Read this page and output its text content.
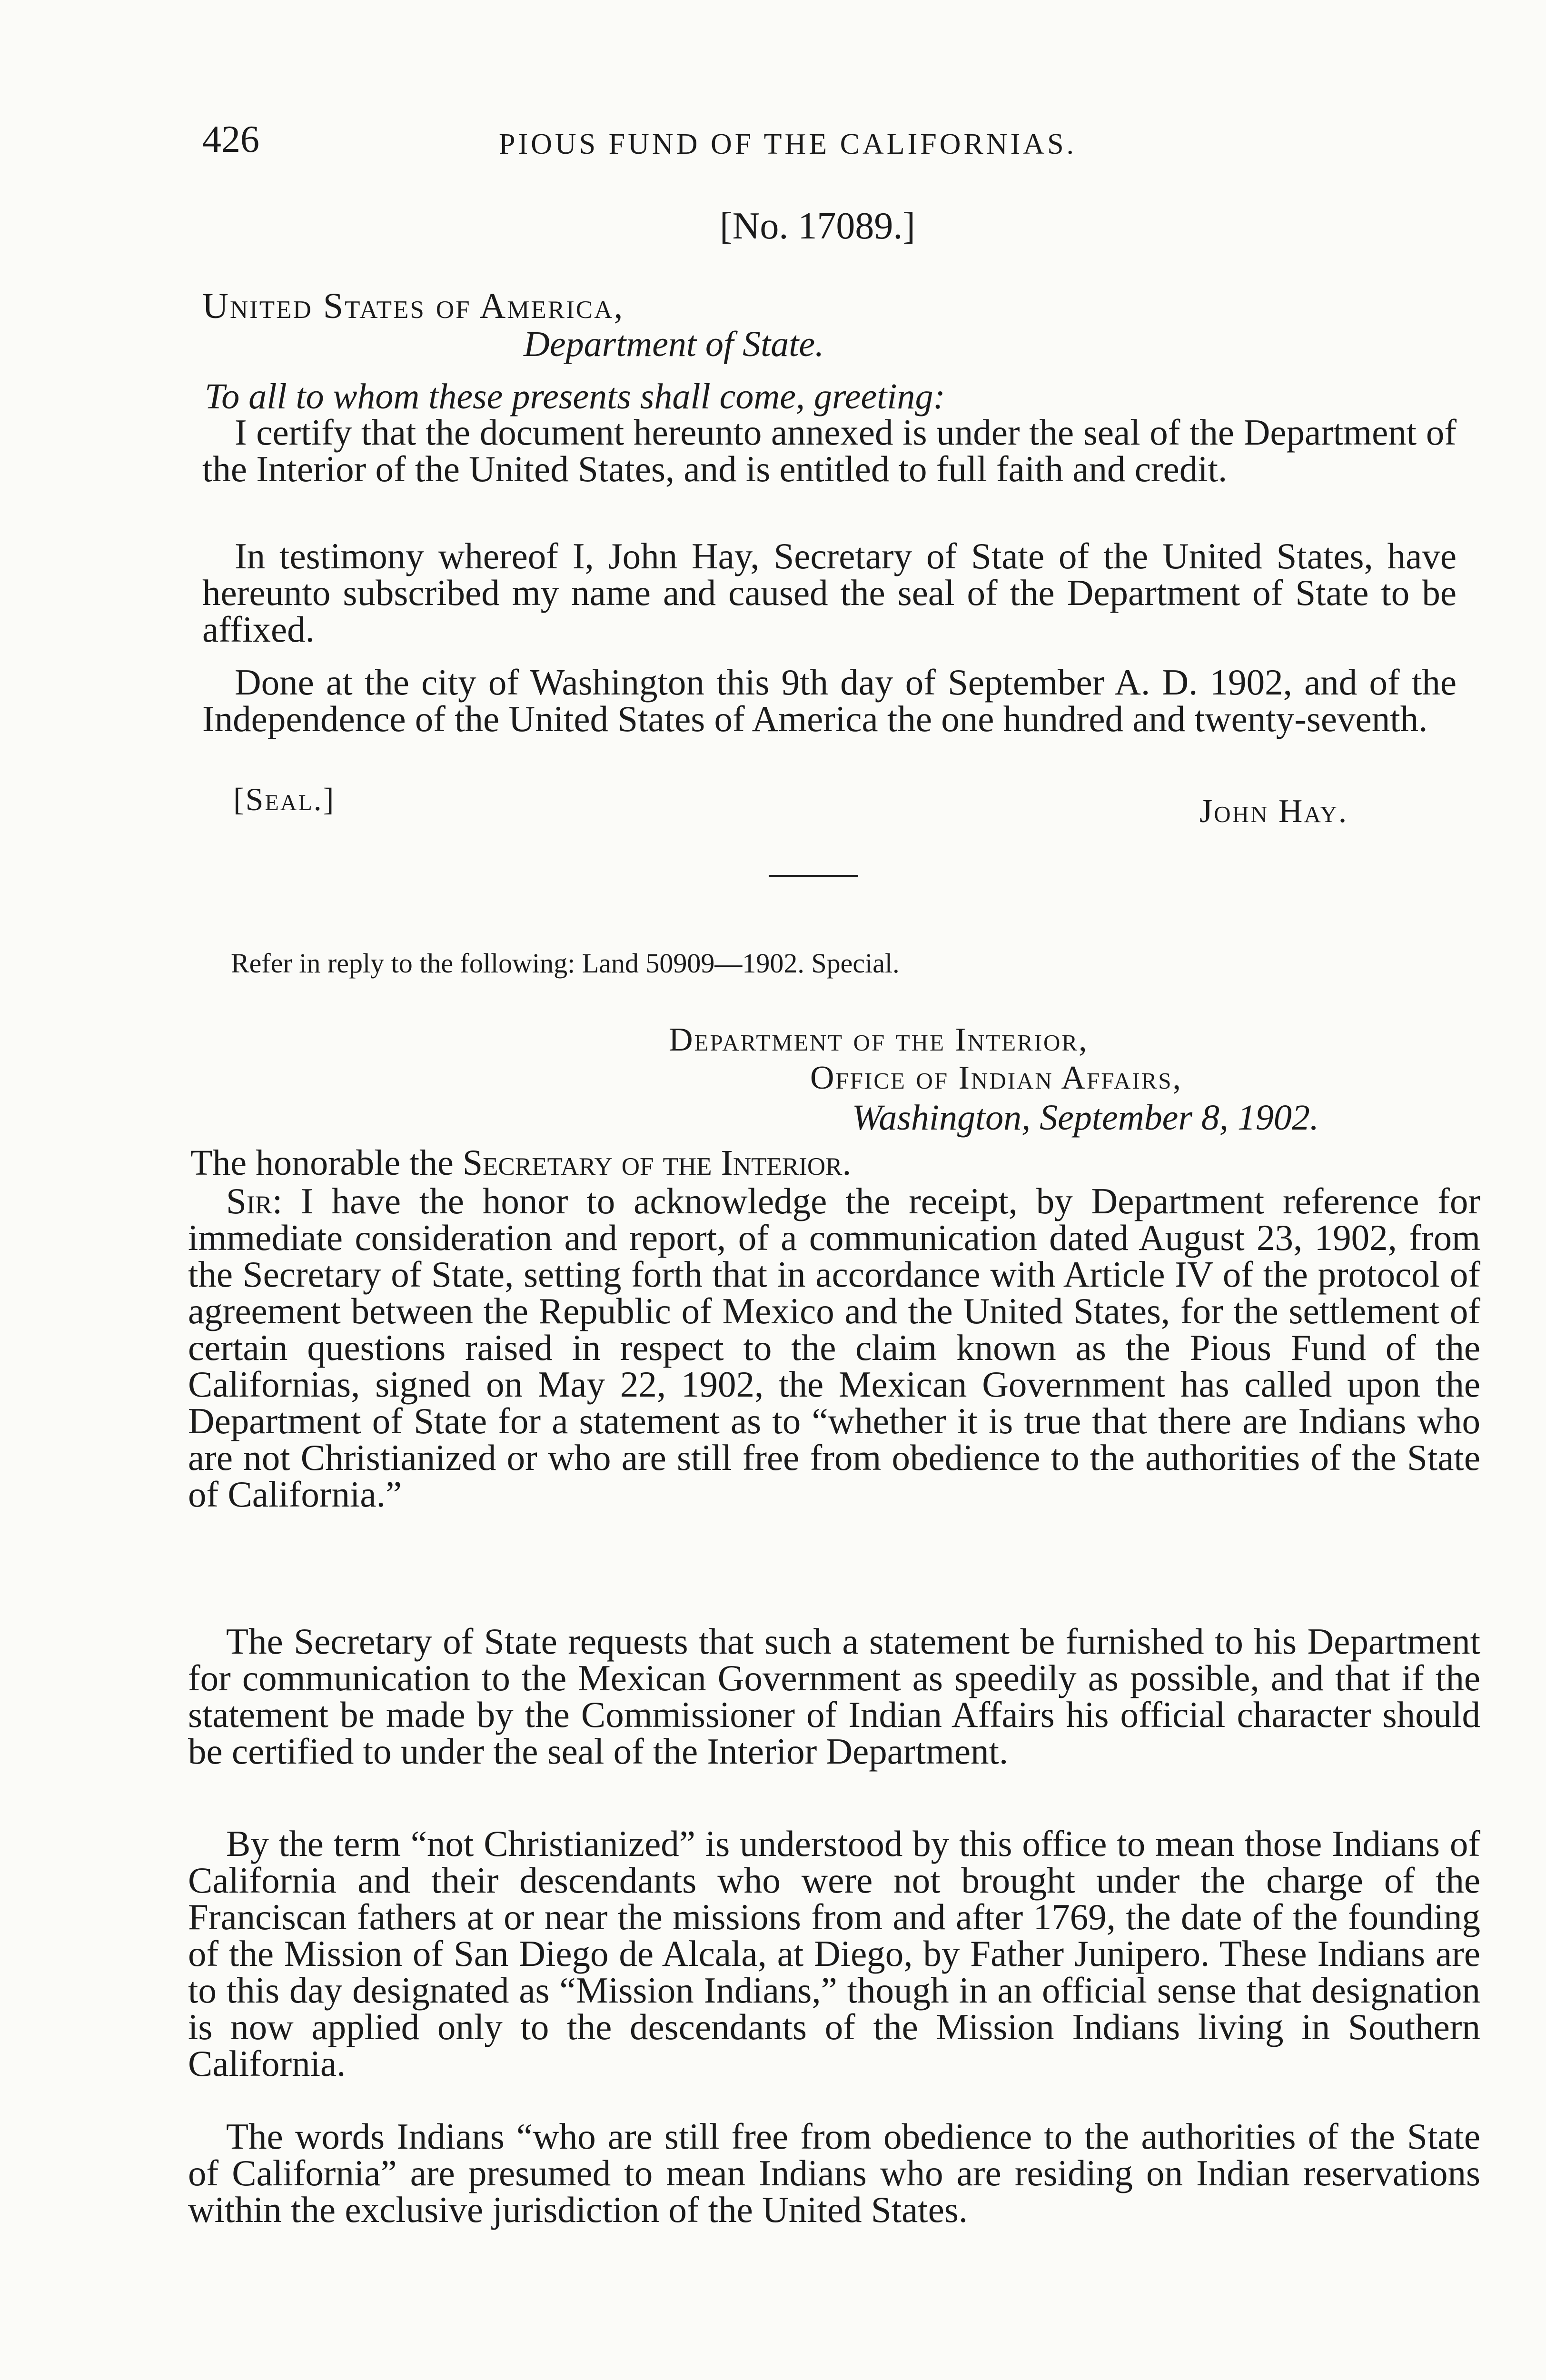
426	PIOUS FUND OF THE CALIFORNIAS.
[No. 17089.]
United States of America,
Department of State.
To all to whom these presents shall come, greeting:
I certify that the document hereunto annexed is under the seal of the Department of the Interior of the United States, and is entitled to full faith and credit.
In testimony whereof I, John Hay, Secretary of State of the United States, have hereunto subscribed my name and caused the seal of the Department of State to be affixed.
Done at the city of Washington this 9th day of September A. D. 1902, and of the Independence of the United States of America the one hundred and twenty-seventh.
[Seal.]	John Hay.
Refer in reply to the following: Land 50909—1902. Special.
Department of the Interior,
Office of Indian Affairs,
Washington, September 8, 1902.
The honorable the Secretary of the Interior.
Sir: I have the honor to acknowledge the receipt, by Department reference for immediate consideration and report, of a communication dated August 23, 1902, from the Secretary of State, setting forth that in accordance with Article IV of the protocol of agreement between the Republic of Mexico and the United States, for the settlement of certain questions raised in respect to the claim known as the Pious Fund of the Californias, signed on May 22, 1902, the Mexican Government has called upon the Department of State for a statement as to “whether it is true that there are Indians who are not Christianized or who are still free from obedience to the authorities of the State of California.”
The Secretary of State requests that such a statement be furnished to his Department for communication to the Mexican Government as speedily as possible, and that if the statement be made by the Commissioner of Indian Affairs his official character should be certified to under the seal of the Interior Department.
By the term “not Christianized” is understood by this office to mean those Indians of California and their descendants who were not brought under the charge of the Franciscan fathers at or near the missions from and after 1769, the date of the founding of the Mission of San Diego de Alcala, at Diego, by Father Junipero. These Indians are to this day designated as “Mission Indians,” though in an official sense that designation is now applied only to the descendants of the Mission Indians living in Southern California.
The words Indians “who are still free from obedience to the authorities of the State of California” are presumed to mean Indians who are residing on Indian reservations within the exclusive jurisdiction of the United States.
